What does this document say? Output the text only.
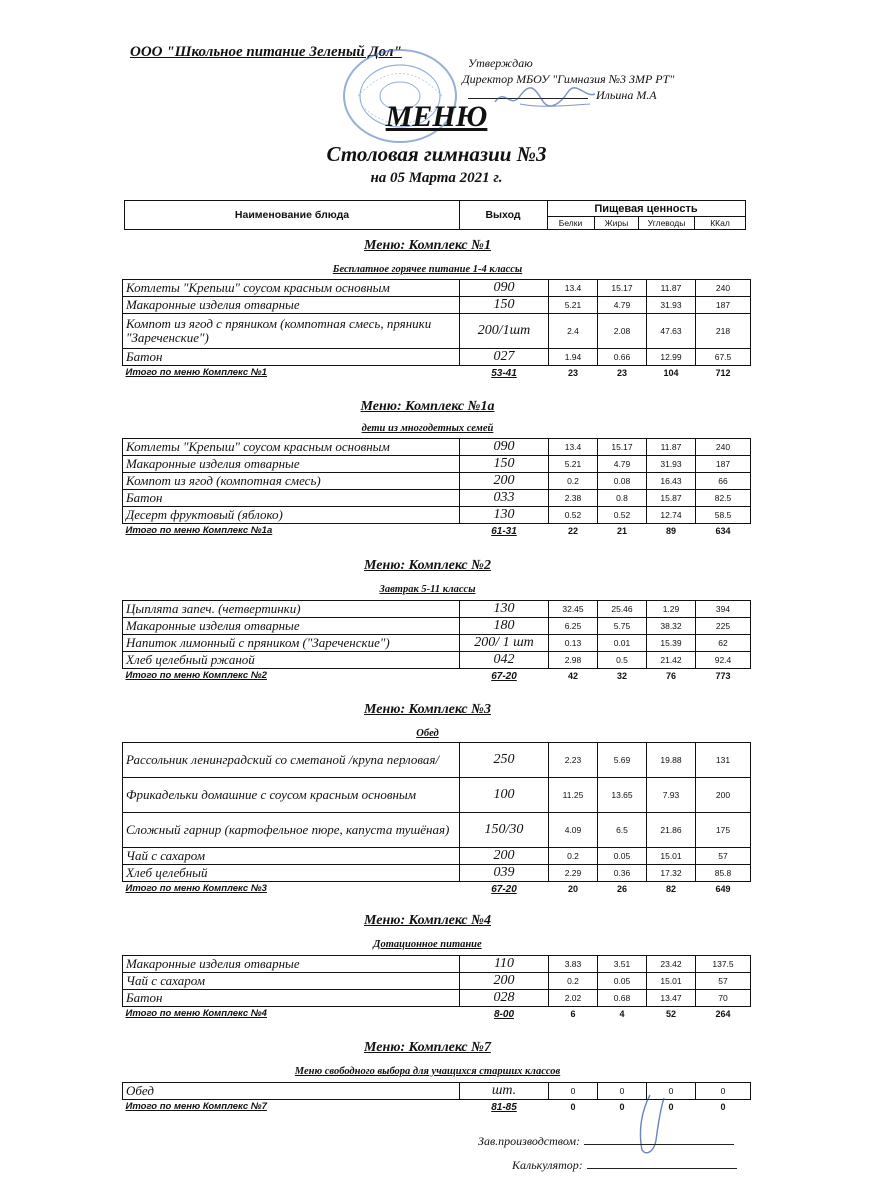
ООО "Школьное питание Зеленый Дол"
Утверждаю
Директор МБОУ "Гимназия №3 ЗМР РТ"
Ильина М.А
МЕНЮ
Столовая гимназии №3
на 05 Марта 2021 г.
Наименование блюда	Выход
Пищевая ценность
Белки	Жиры	Углеводы	ККал
Меню: Комплекс №1
Бесплатное горячее питание 1-4 классы
Котлеты "Крепыш" соусом красным основным	090	13.4	15.17	11.87	240
Макаронные изделия отварные	150	5.21	4.79	31.93	187
Компот из ягод с пряником (компотная смесь, пряники "Зареченские")	200/1шт	2.4	2.08	47.63	218
Батон	027	1.94	0.66	12.99	67.5
Итого по меню Комплекс №1	53-41	23	23	104	712
Меню: Комплекс №1а
дети из многодетных семей
Котлеты "Крепыш" соусом красным основным	090	13.4	15.17	11.87	240
Макаронные изделия отварные	150	5.21	4.79	31.93	187
Компот из ягод (компотная смесь)	200	0.2	0.08	16.43	66
Батон	033	2.38	0.8	15.87	82.5
Десерт фруктовый (яблоко)	130	0.52	0.52	12.74	58.5
Итого по меню Комплекс №1а	61-31	22	21	89	634
Меню: Комплекс №2
Завтрак 5-11 классы
Цыплята запеч. (четвертинки)	130	32.45	25.46	1.29	394
Макаронные изделия отварные	180	6.25	5.75	38.32	225
Напиток лимонный с пряником ("Зареченские")	200/ 1 шт	0.13	0.01	15.39	62
Хлеб целебный ржаной	042	2.98	0.5	21.42	92.4
Итого по меню Комплекс №2	67-20	42	32	76	773
Меню: Комплекс №3
Обед
Рассольник ленинградский со сметаной /крупа перловая/	250	2.23	5.69	19.88	131
Фрикадельки домашние с соусом красным основным	100	11.25	13.65	7.93	200
Сложный гарнир (картофельное пюре, капуста тушёная)	150/30	4.09	6.5	21.86	175
Чай с сахаром	200	0.2	0.05	15.01	57
Хлеб целебный	039	2.29	0.36	17.32	85.8
Итого по меню Комплекс №3	67-20	20	26	82	649
Меню: Комплекс №4
Дотационное питание
Макаронные изделия отварные	110	3.83	3.51	23.42	137.5
Чай с сахаром	200	0.2	0.05	15.01	57
Батон	028	2.02	0.68	13.47	70
Итого по меню Комплекс №4	8-00	6	4	52	264
Меню: Комплекс №7
Меню свободного выбора для учащихся старших классов
Обед	шт.	0	0	0	0
Итого по меню Комплекс №7	81-85	0	0	0	0
Зав.производством:
Калькулятор:
